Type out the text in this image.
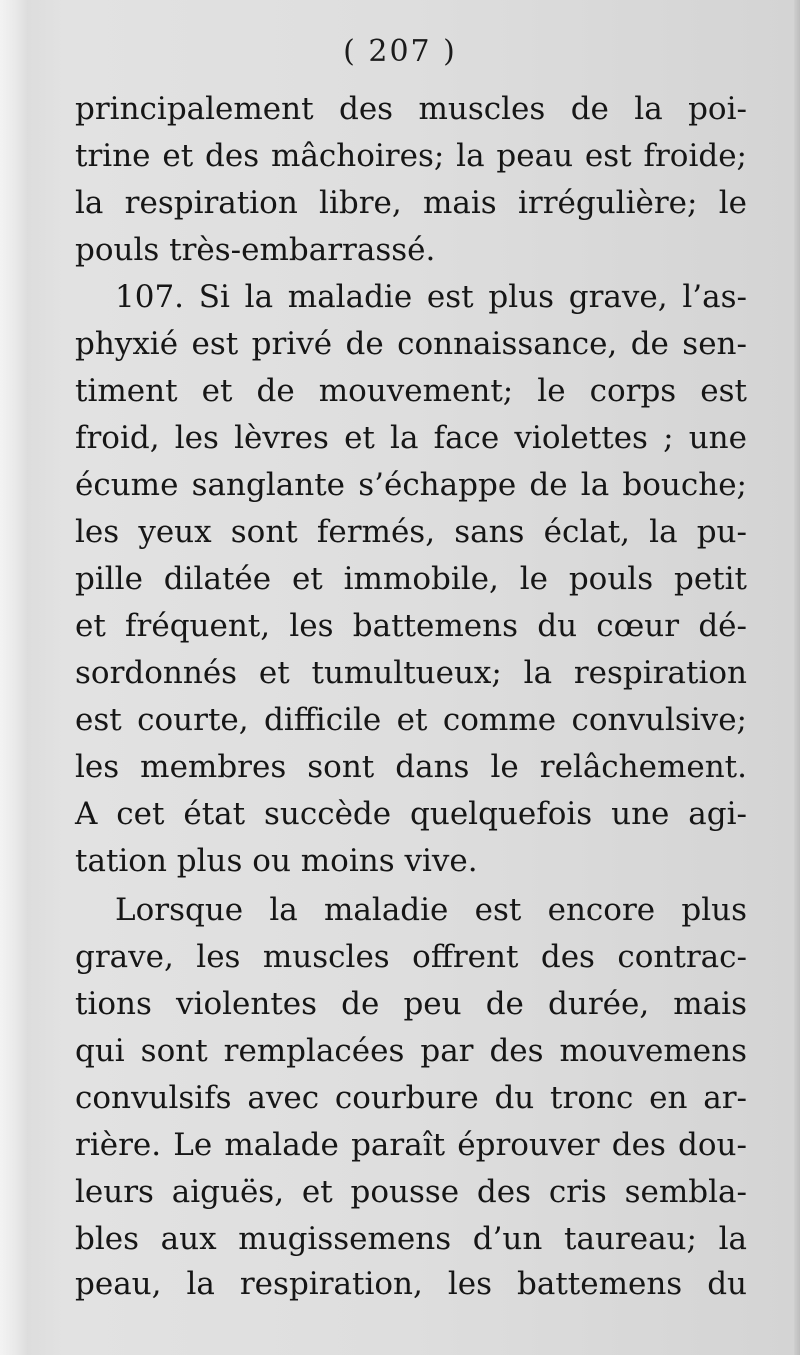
( 207 )
principalement des muscles de la poi-
trine et des mâchoires; la peau est froide;
la respiration libre, mais irrégulière; le
pouls très-embarrassé.
107. Si la maladie est plus grave, l’as-
phyxié est privé de connaissance, de sen-
timent et de mouvement; le corps est
froid, les lèvres et la face violettes ; une
écume sanglante s’échappe de la bouche;
les yeux sont fermés, sans éclat, la pu-
pille dilatée et immobile, le pouls petit
et fréquent, les battemens du cœur dé-
sordonnés et tumultueux; la respiration
est courte, difficile et comme convulsive;
les membres sont dans le relâchement.
A cet état succède quelquefois une agi-
tation plus ou moins vive.
Lorsque la maladie est encore plus
grave, les muscles offrent des contrac-
tions violentes de peu de durée, mais
qui sont remplacées par des mouvemens
convulsifs avec courbure du tronc en ar-
rière. Le malade paraît éprouver des dou-
leurs aiguës, et pousse des cris sembla-
bles aux mugissemens d’un taureau; la
peau, la respiration, les battemens du
